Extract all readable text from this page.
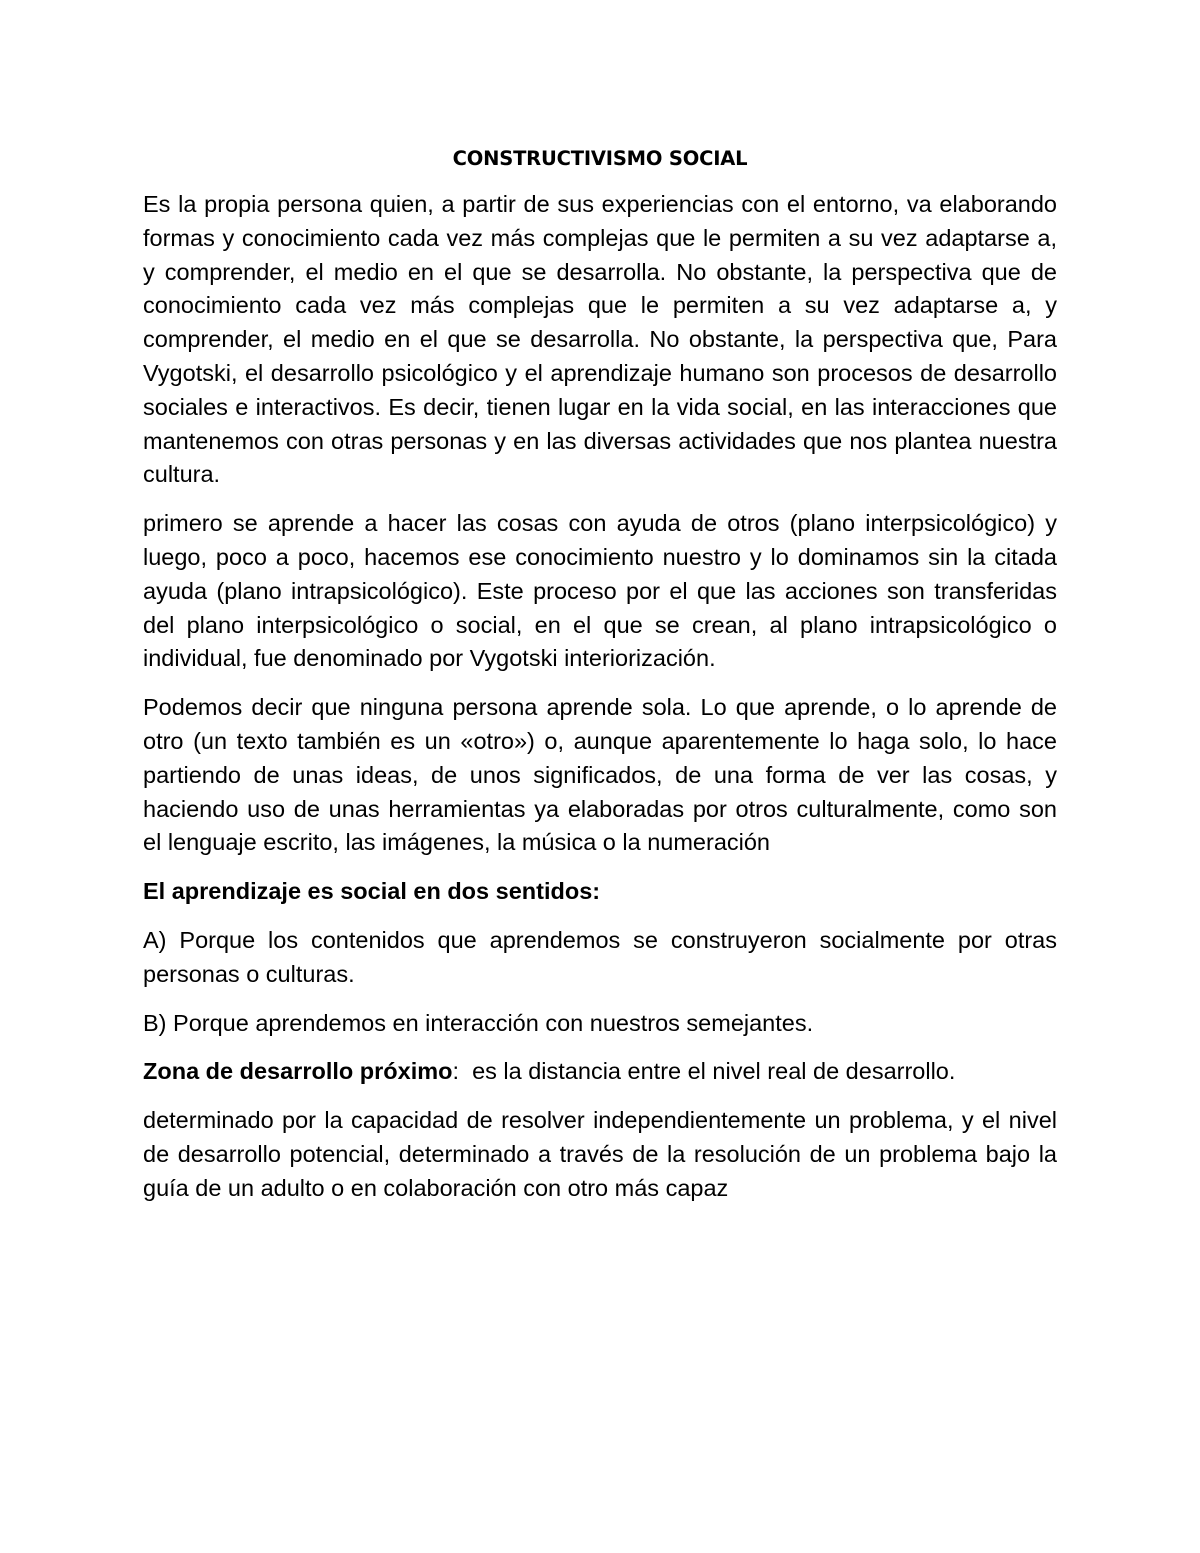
CONSTRUCTIVISMO SOCIAL

Es la propia persona quien, a partir de sus experiencias con el entorno, va elaborando formas y conocimiento cada vez más complejas que le permiten a su vez adaptarse a, y comprender, el medio en el que se desarrolla. No obstante, la perspectiva que de conocimiento cada vez más complejas que le permiten a su vez adaptarse a, y comprender, el medio en el que se desarrolla. No obstante, la perspectiva que, Para Vygotski, el desarrollo psicológico y el aprendizaje humano son procesos de desarrollo sociales e interactivos. Es decir, tienen lugar en la vida social, en las interacciones que mantenemos con otras personas y en las diversas actividades que nos plantea nuestra cultura.

primero se aprende a hacer las cosas con ayuda de otros (plano interpsicológico) y luego, poco a poco, hacemos ese conocimiento nuestro y lo dominamos sin la citada ayuda (plano intrapsicológico). Este proceso por el que las acciones son transferidas del plano interpsicológico o social, en el que se crean, al plano intrapsicológico o individual, fue denominado por Vygotski interiorización.

Podemos decir que ninguna persona aprende sola. Lo que aprende, o lo aprende de otro (un texto también es un «otro») o, aunque aparentemente lo haga solo, lo hace partiendo de unas ideas, de unos significados, de una forma de ver las cosas, y haciendo uso de unas herramientas ya elaboradas por otros culturalmente, como son el lenguaje escrito, las imágenes, la música o la numeración

El aprendizaje es social en dos sentidos:

A) Porque los contenidos que aprendemos se construyeron socialmente por otras personas o culturas.

B) Porque aprendemos en interacción con nuestros semejantes.

Zona de desarrollo próximo:  es la distancia entre el nivel real de desarrollo.

determinado por la capacidad de resolver independientemente un problema, y el nivel de desarrollo potencial, determinado a través de la resolución de un problema bajo la guía de un adulto o en colaboración con otro más capaz
